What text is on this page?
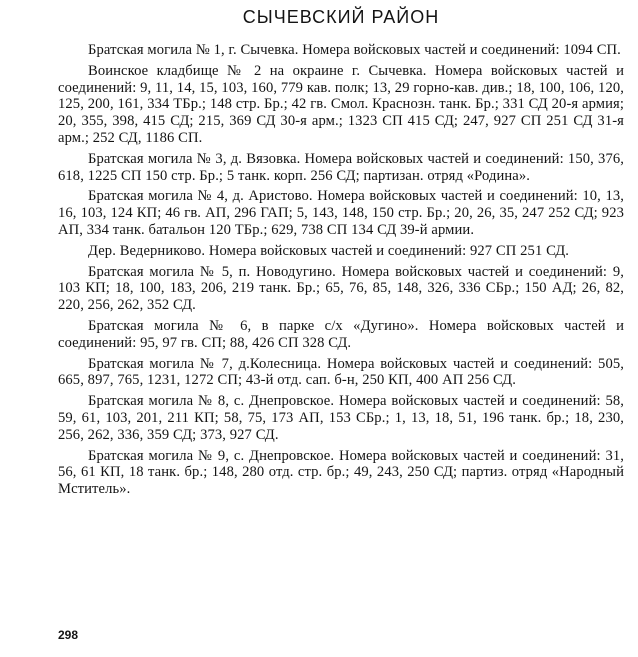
СЫЧЕВСКИЙ РАЙОН

Братская могила № 1, г. Сычевка. Номера войсковых частей и соединений: 1094 СП.

Воинское кладбище № 2 на окраине г. Сычевка. Номера войсковых частей и соединений: 9, 11, 14, 15, 103, 160, 779 кав. полк; 13, 29 горно-кав. див.; 18, 100, 106, 120, 125, 200, 161, 334 ТБр.; 148 стр. Бр.; 42 гв. Смол. Краснозн. танк. Бр.; 331 СД 20-я армия; 20, 355, 398, 415 СД; 215, 369 СД 30-я арм.; 1323 СП 415 СД; 247, 927 СП 251 СД 31-я арм.; 252 СД, 1186 СП.

Братская могила № 3, д. Вязовка. Номера войсковых частей и соединений: 150, 376, 618, 1225 СП 150 стр. Бр.; 5 танк. корп. 256 СД; партизан. отряд «Родина».

Братская могила № 4, д. Аристово. Номера войсковых частей и соединений: 10, 13, 16, 103, 124 КП; 46 гв. АП, 296 ГАП; 5, 143, 148, 150 стр. Бр.; 20, 26, 35, 247 252 СД; 923 АП, 334 танк. батальон 120 ТБр.; 629, 738 СП 134 СД 39-й армии.

Дер. Ведерниково. Номера войсковых частей и соединений: 927 СП 251 СД.

Братская могила № 5, п. Новодугино. Номера войсковых частей и соединений: 9, 103 КП; 18, 100, 183, 206, 219 танк. Бр.; 65, 76, 85, 148, 326, 336 СБр.; 150 АД; 26, 82, 220, 256, 262, 352 СД.

Братская могила № 6, в парке с/х «Дугино». Номера войсковых частей и соединений: 95, 97 гв. СП; 88, 426 СП 328 СД.

Братская могила № 7, д.Колесница. Номера войсковых частей и соединений: 505, 665, 897, 765, 1231, 1272 СП; 43-й отд. сап. б-н, 250 КП, 400 АП 256 СД.

Братская могила № 8, с. Днепровское. Номера войсковых частей и соединений: 58, 59, 61, 103, 201, 211 КП; 58, 75, 173 АП, 153 СБр.; 1, 13, 18, 51, 196 танк. бр.; 18, 230, 256, 262, 336, 359 СД; 373, 927 СД.

Братская могила № 9, с. Днепровское. Номера войсковых частей и соединений: 31, 56, 61 КП, 18 танк. бр.; 148, 280 отд. стр. бр.; 49, 243, 250 СД; партиз. отряд «Народный Мститель».

298
